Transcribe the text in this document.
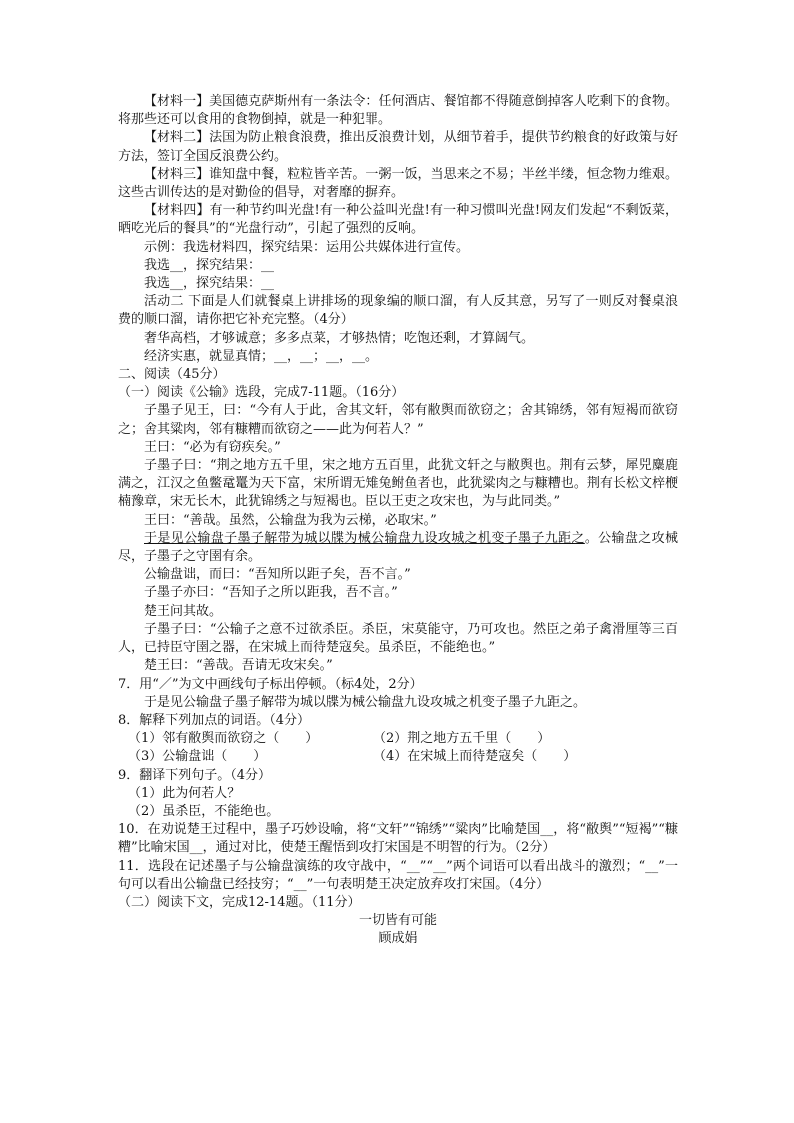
【材料一】美国德克萨斯州有一条法令：任何酒店、餐馆都不得随意倒掉客人吃剩下的食物。将那些还可以食用的食物倒掉，就是一种犯罪。

【材料二】法国为防止粮食浪费，推出反浪费计划，从细节着手，提供节约粮食的好政策与好方法，签订全国反浪费公约。

【材料三】谁知盘中餐，粒粒皆辛苦。一粥一饭，当思来之不易；半丝半缕，恒念物力维艰。这些古训传达的是对勤俭的倡导，对奢靡的摒弃。

【材料四】有一种节约叫光盘!有一种公益叫光盘!有一种习惯叫光盘!网友们发起“不剩饭菜，晒吃光后的餐具”的“光盘行动”，引起了强烈的反响。

示例：我选材料四，探究结果：运用公共媒体进行宣传。

我选__，探究结果：__

我选__，探究结果：__

活动二 下面是人们就餐桌上讲排场的现象编的顺口溜，有人反其意，另写了一则反对餐桌浪费的顺口溜，请你把它补充完整。（4分）

奢华高档，才够诚意；多多点菜，才够热情；吃饱还剩，才算阔气。

经济实惠，就显真情；__，__；__，__。

二、阅读（45分）

（一）阅读《公输》选段，完成7-11题。（16分）

子墨子见王，曰：“今有人于此，舍其文轩，邻有敝舆而欲窃之；舍其锦绣，邻有短褐而欲窃之；舍其粱肉，邻有糠糟而欲窃之——此为何若人？”

王曰：“必为有窃疾矣。”

子墨子曰：“荆之地方五千里，宋之地方五百里，此犹文轩之与敝舆也。荆有云梦，犀兕麋鹿满之，江汉之鱼鳖鼋鼍为天下富，宋所谓无雉兔鲋鱼者也，此犹粱肉之与糠糟也。荆有长松文梓楩楠豫章，宋无长木，此犹锦绣之与短褐也。臣以王吏之攻宋也，为与此同类。”

王曰：“善哉。虽然，公输盘为我为云梯，必取宋。”

于是见公输盘子墨子解带为城以牒为械公输盘九设攻城之机变子墨子九距之。公输盘之攻械尽，子墨子之守圉有余。

公输盘诎，而曰：“吾知所以距子矣，吾不言。”

子墨子亦曰：“吾知子之所以距我，吾不言。”

楚王问其故。

子墨子曰：“公输子之意不过欲杀臣。杀臣，宋莫能守，乃可攻也。然臣之弟子禽滑厘等三百人，已持臣守圉之器，在宋城上而待楚寇矣。虽杀臣，不能绝也。”

楚王曰：“善哉。吾请无攻宋矣。”

7．用“／”为文中画线句子标出停顿。（标4处，2分）

于是见公输盘子墨子解带为城以牒为械公输盘九设攻城之机变子墨子九距之。

8．解释下列加点的词语。（4分）

（1）邻有敝舆而欲窃之（　　）	（2）荆之地方五千里（　　）
（3）公输盘诎（　　）	（4）在宋城上而待楚寇矣（　　）

9．翻译下列句子。（4分）

（1）此为何若人？

（2）虽杀臣，不能绝也。

10．在劝说楚王过程中，墨子巧妙设喻，将“文轩”“锦绣”“粱肉”比喻楚国__，将“敝舆”“短褐”“糠糟”比喻宋国__，通过对比，使楚王醒悟到攻打宋国是不明智的行为。（2分）

11．选段在记述墨子与公输盘演练的攻守战中，“__”“__”两个词语可以看出战斗的激烈；“__”一句可以看出公输盘已经技穷；“__”一句表明楚王决定放弃攻打宋国。（4分）

（二）阅读下文，完成12-14题。（11分）

一切皆有可能

顾成娟
